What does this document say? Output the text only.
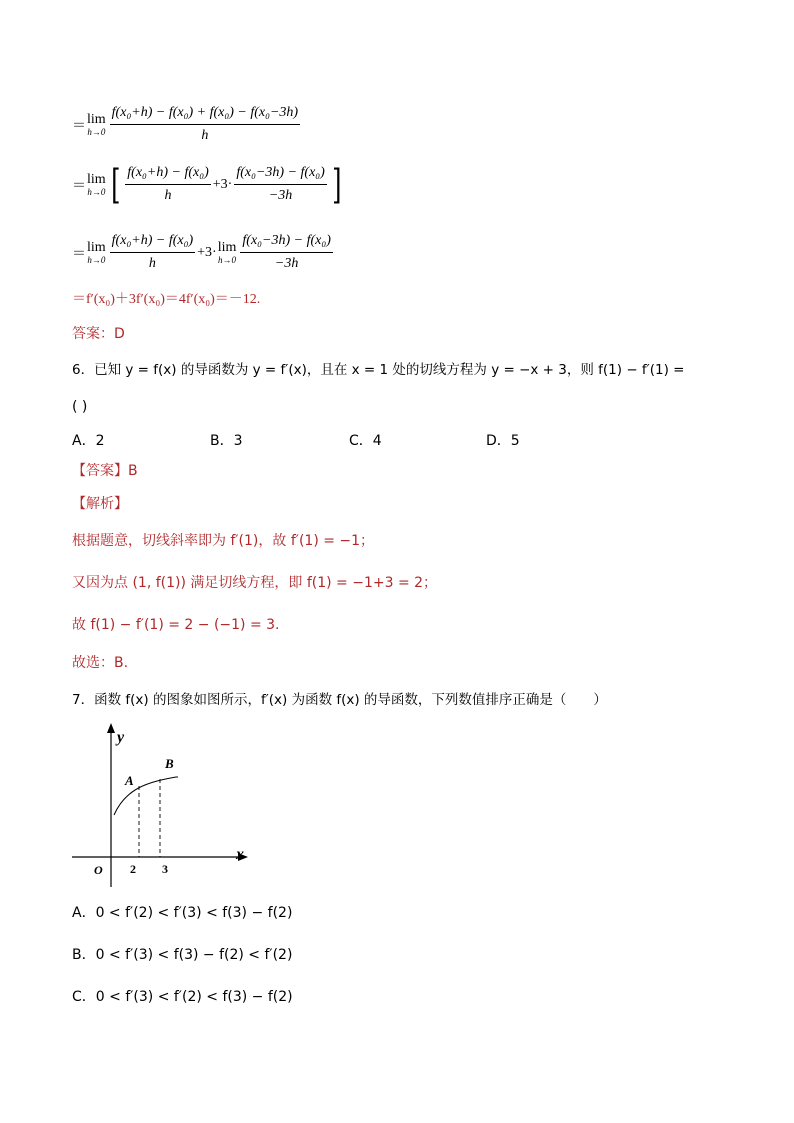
＝ lim
$h\to 0 \frac{\text{f(x₀+h) − f(x₀) + f(x₀) − f(x₀−3h)}}{h}$
＝ lim
h→0 [ $\frac{\text{f(x₀+h) − f(x₀)}}{h} +3\cdot \frac{\text{f(x₀−3h) − f(x₀)}}{-3h}$ ]
＝ lim
$h\to 0 \frac{\text{f(x₀+h) − f(x₀)}}{h} +3\cdot \lim$
$h\to 0 \frac{\text{f(x₀−3h) − f(x₀)}}{-3h}$
＝f′(x₀)＋3f′(x₀)＝4f′(x₀)＝－12.
答案：D
6．已知 y = f(x) 的导函数为 y = f′(x)，且在 x = 1 处的切线方程为 y = −x + 3，则 f(1) − f′(1) =
( )
A．2	B．3	C．4	D．5
【答案】B
【解析】
根据题意，切线斜率即为 f′(1)，故 f′(1) = −1；
又因为点 (1, f(1)) 满足切线方程，即 f(1) = −1+3 = 2；
故 f(1) − f′(1) = 2 − (−1) = 3.
故选：B.
7．函数 f(x) 的图象如图所示，f′(x) 为函数 f(x) 的导函数，下列数值排序正确是（　　）
y
x
O 2 3
A
B
A．0 < f′(2) < f′(3) < f(3) − f(2)
B．0 < f′(3) < f(3) − f(2) < f′(2)
C．0 < f′(3) < f′(2) < f(3) − f(2)
